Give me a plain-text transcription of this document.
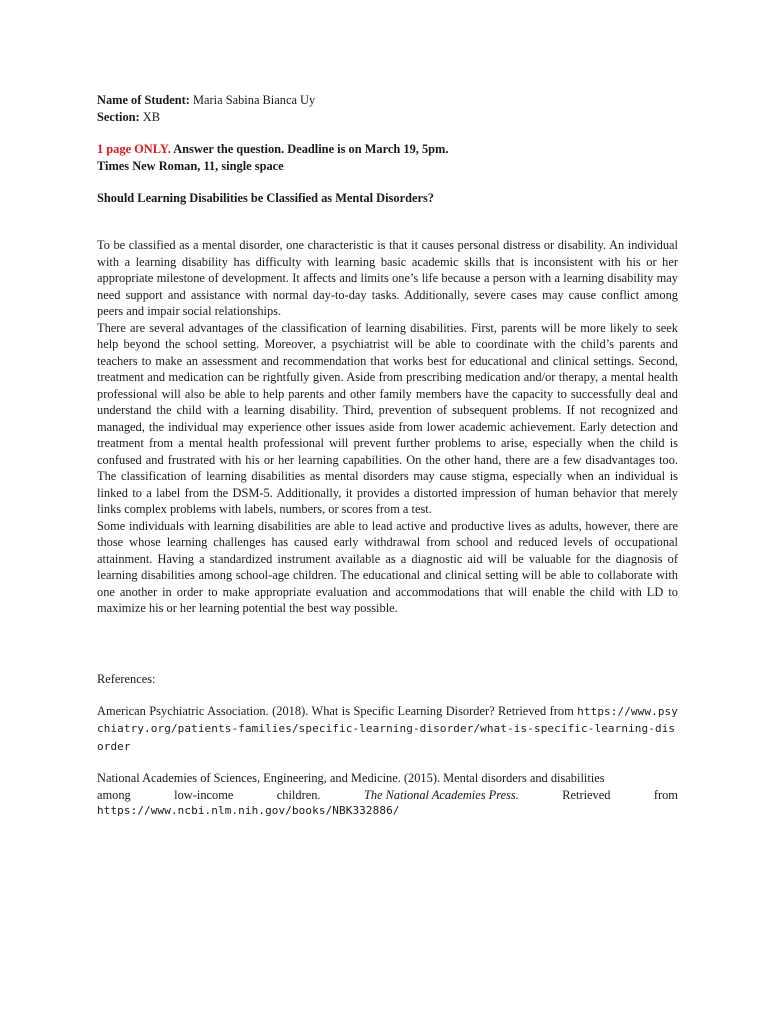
Name of Student: Maria Sabina Bianca Uy

Section: XB

1 page ONLY. Answer the question. Deadline is on March 19, 5pm.

Times New Roman, 11, single space

Should Learning Disabilities be Classified as Mental Disorders?

To be classified as a mental disorder, one characteristic is that it causes personal distress or disability. An individual with a learning disability has difficulty with learning basic academic skills that is inconsistent with his or her appropriate milestone of development. It affects and limits one’s life because a person with a learning disability may need support and assistance with normal day-to-day tasks. Additionally, severe cases may cause conflict among peers and impair social relationships.

There are several advantages of the classification of learning disabilities. First, parents will be more likely to seek help beyond the school setting. Moreover, a psychiatrist will be able to coordinate with the child’s parents and teachers to make an assessment and recommendation that works best for educational and clinical settings. Second, treatment and medication can be rightfully given. Aside from prescribing medication and/or therapy, a mental health professional will also be able to help parents and other family members have the capacity to successfully deal and understand the child with a learning disability. Third, prevention of subsequent problems. If not recognized and managed, the individual may experience other issues aside from lower academic achievement. Early detection and treatment from a mental health professional will prevent further problems to arise, especially when the child is confused and frustrated with his or her learning capabilities. On the other hand, there are a few disadvantages too. The classification of learning disabilities as mental disorders may cause stigma, especially when an individual is linked to a label from the DSM-5. Additionally, it provides a distorted impression of human behavior that merely links complex problems with labels, numbers, or scores from a test.

Some individuals with learning disabilities are able to lead active and productive lives as adults, however, there are those whose learning challenges has caused early withdrawal from school and reduced levels of occupational attainment. Having a standardized instrument available as a diagnostic aid will be valuable for the diagnosis of learning disabilities among school-age children. The educational and clinical setting will be able to collaborate with one another in order to make appropriate evaluation and accommodations that will enable the child with LD to maximize his or her learning potential the best way possible.

References:

American Psychiatric Association. (2018). What is Specific Learning Disorder? Retrieved from https://www.psychiatry.org/patients-families/specific-learning-disorder/what-is-specific-learning-disorder

National Academies of Sciences, Engineering, and Medicine. (2015). Mental disorders and disabilities
among	low-income	children.	The National Academies Press.	Retrieved	from
https://www.ncbi.nlm.nih.gov/books/NBK332886/
